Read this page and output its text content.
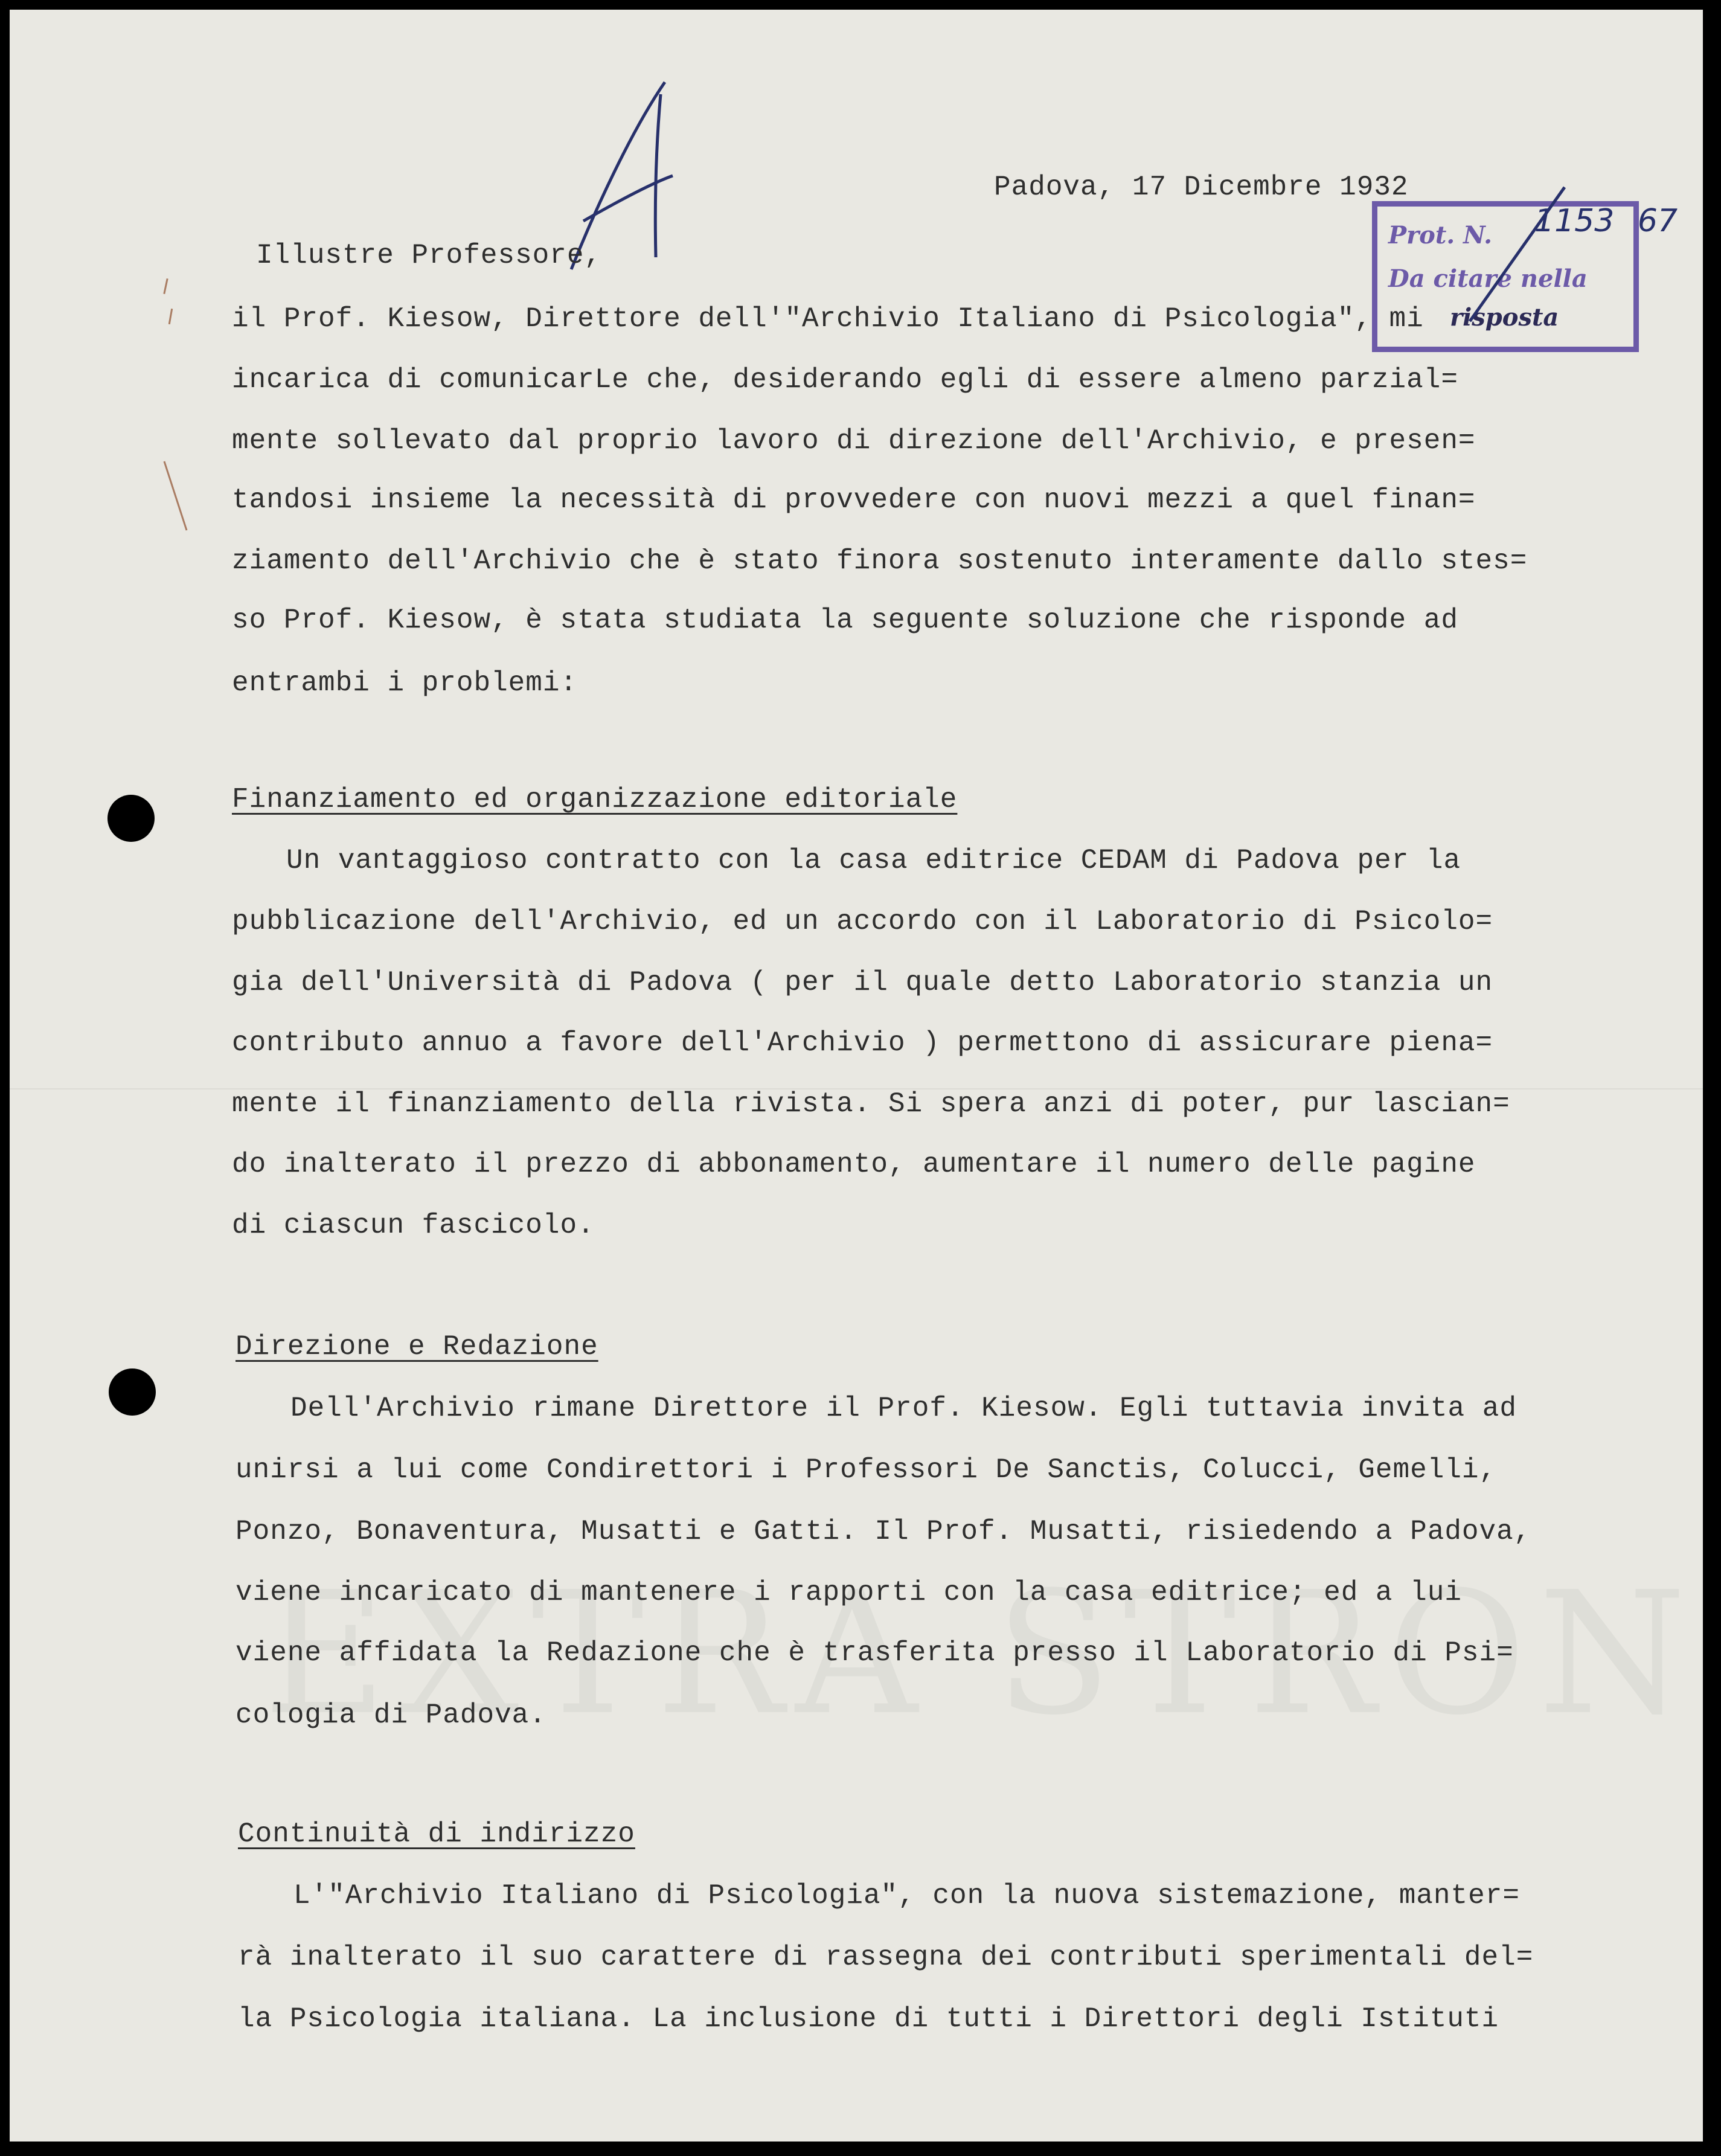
Padova, 17 Dicembre 1932

Illustre Professore,

il Prof. Kiesow, Direttore dell'"Archivio Italiano di Psicologia", mi

incarica di comunicarLe che, desiderando egli di essere almeno parzial=

mente sollevato dal proprio lavoro di direzione dell'Archivio, e presen=

tandosi insieme la necessità di provvedere con nuovi mezzi a quel finan=

ziamento dell'Archivio che è stato finora sostenuto interamente dallo stes=

so Prof. Kiesow, è stata studiata la seguente soluzione che risponde ad

entrambi i problemi:

Finanziamento ed organizzazione editoriale

Un vantaggioso contratto con la casa editrice CEDAM di Padova per la

pubblicazione dell'Archivio, ed un accordo con il Laboratorio di Psicolo=

gia dell'Università di Padova ( per il quale detto Laboratorio stanzia un

contributo annuo a favore dell'Archivio ) permettono di assicurare piena=

mente il finanziamento della rivista. Si spera anzi di poter, pur lascian=

do inalterato il prezzo di abbonamento, aumentare il numero delle pagine

di ciascun fascicolo.

Direzione e Redazione

Dell'Archivio rimane Direttore il Prof. Kiesow. Egli tuttavia invita ad

unirsi a lui come Condirettori i Professori De Sanctis, Colucci, Gemelli,

Ponzo, Bonaventura, Musatti e Gatti. Il Prof. Musatti, risiedendo a Padova,

viene incaricato di mantenere i rapporti con la casa editrice; ed a lui

viene affidata la Redazione che è trasferita presso il Laboratorio di Psi=

cologia di Padova.

Continuità di indirizzo

L'"Archivio Italiano di Psicologia", con la nuova sistemazione, manter=

rà inalterato il suo carattere di rassegna dei contributi sperimentali del=

la Psicologia italiana. La inclusione di tutti i Direttori degli Istituti

Prot. N.
Da citare nella
risposta
1153 67
